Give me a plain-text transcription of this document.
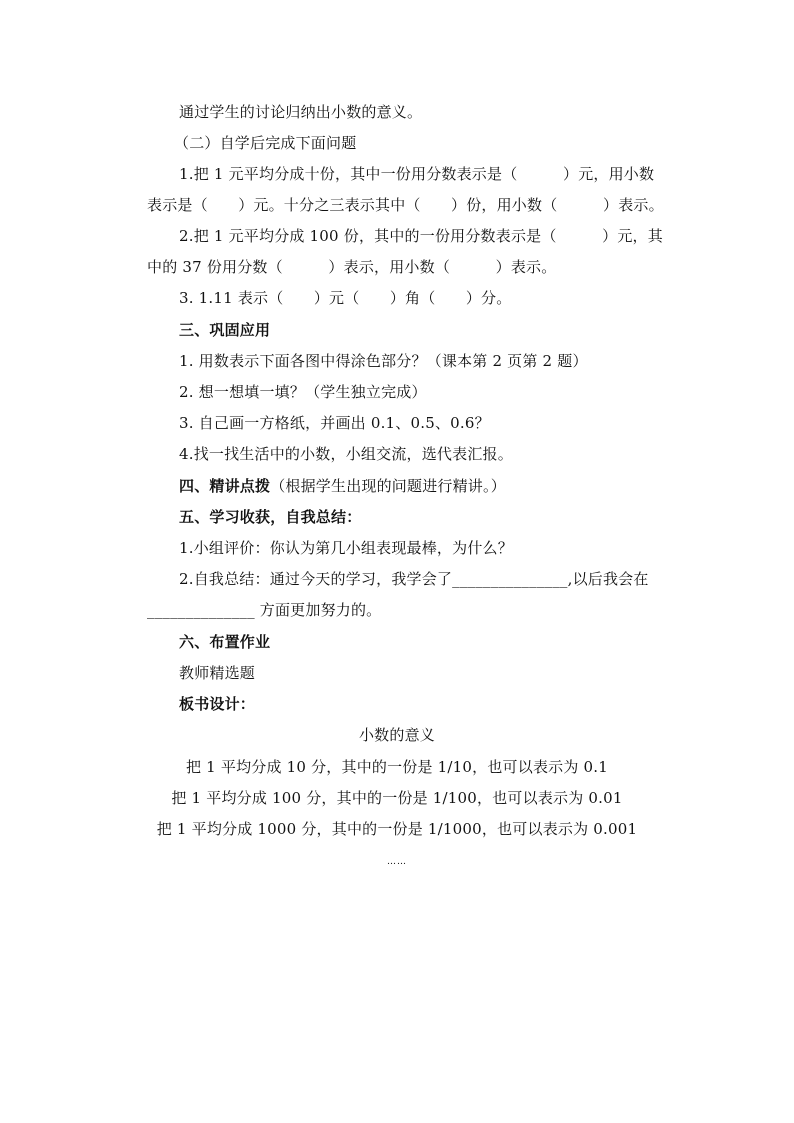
通过学生的讨论归纳出小数的意义。
（二）自学后完成下面问题
1.把 1 元平均分成十份，其中一份用分数表示是（　　　）元，用小数
表示是（　　）元。十分之三表示其中（　　）份，用小数（　　　）表示。
2.把 1 元平均分成 100 份，其中的一份用分数表示是（　　　）元，其
中的 37 份用分数（　　　）表示，用小数（　　　）表示。
3. 1.11 表示（　　）元（　　）角（　　）分。
三、巩固应用
1. 用数表示下面各图中得涂色部分？（课本第 2 页第 2 题）
2. 想一想填一填？（学生独立完成）
3. 自己画一方格纸，并画出 0.1、0.5、0.6？
4.找一找生活中的小数，小组交流，选代表汇报。
四、精讲点拨（根据学生出现的问题进行精讲。）
五、学习收获，自我总结：
1.小组评价：你认为第几小组表现最棒，为什么？
2.自我总结：通过今天的学习，我学会了_______________,以后我会在
______________ 方面更加努力的。
六、布置作业
教师精选题
板书设计：
小数的意义
把 1 平均分成 10 分，其中的一份是 1/10，也可以表示为 0.1
把 1 平均分成 100 分，其中的一份是 1/100，也可以表示为 0.01
把 1 平均分成 1000 分，其中的一份是 1/1000，也可以表示为 0.001
……
